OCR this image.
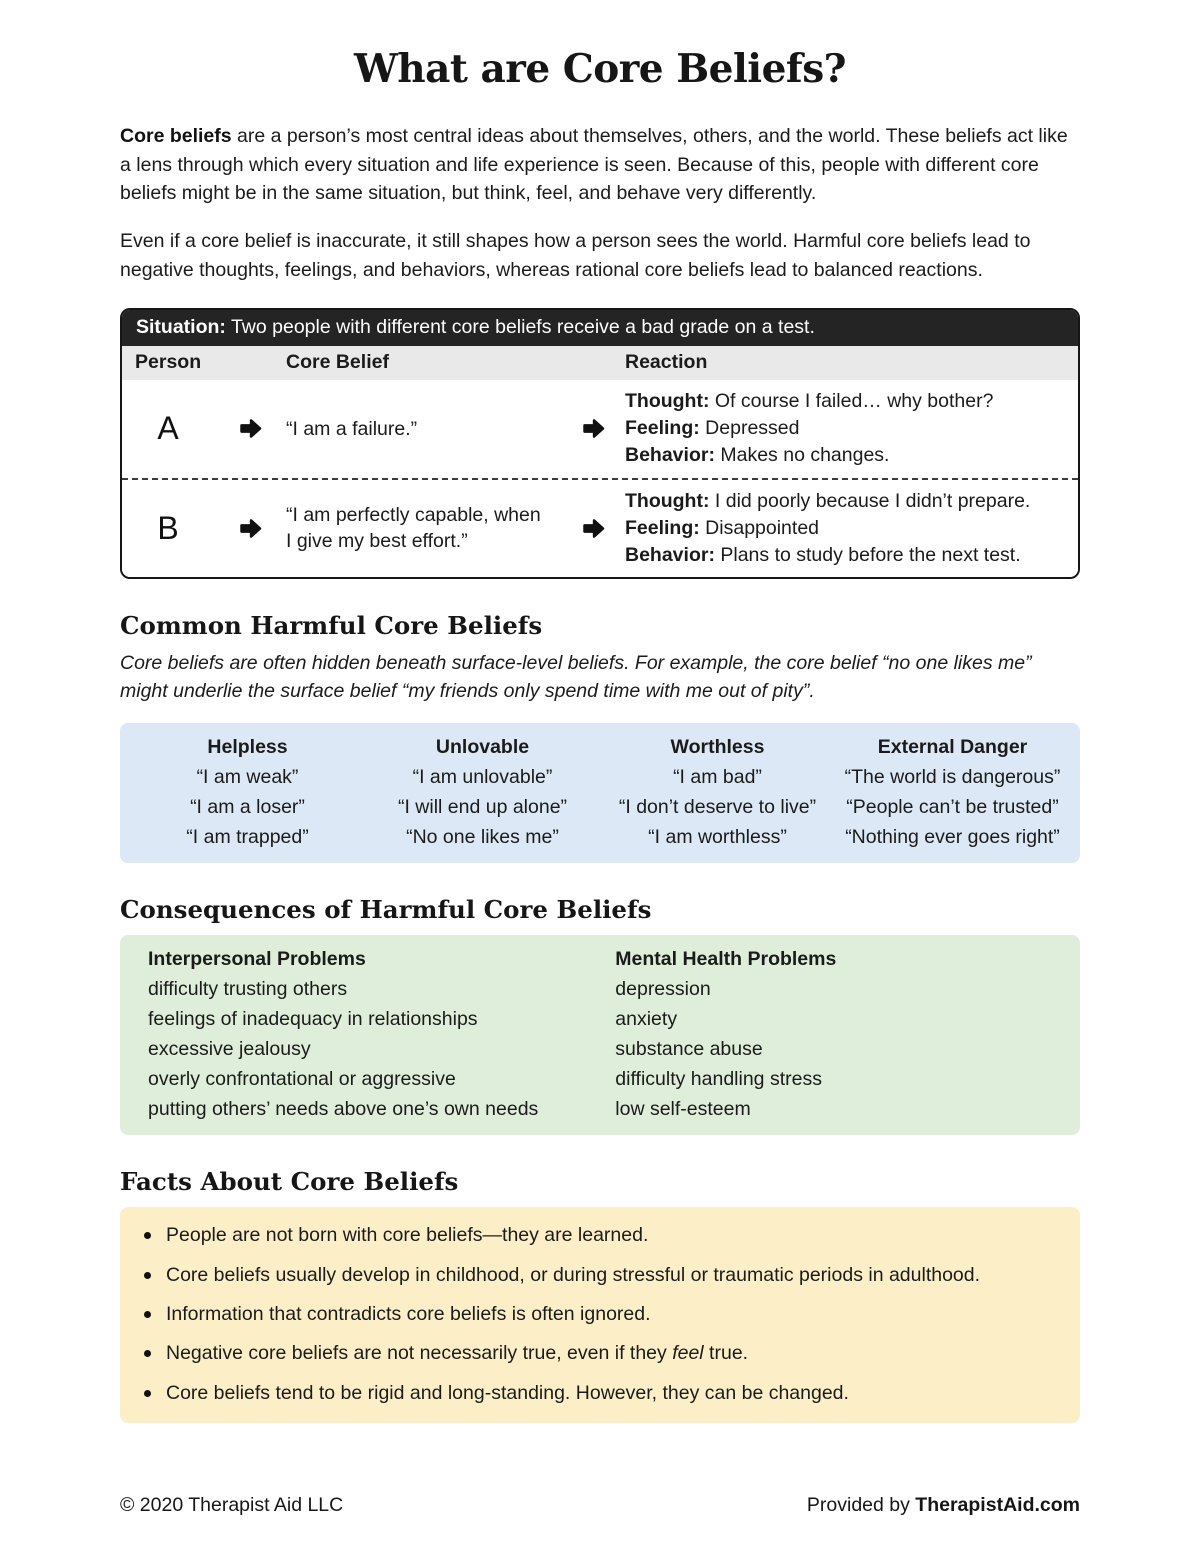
What are Core Beliefs?

Core beliefs are a person’s most central ideas about themselves, others, and the world. These beliefs act like a lens through which every situation and life experience is seen. Because of this, people with different core beliefs might be in the same situation, but think, feel, and behave very differently.

Even if a core belief is inaccurate, it still shapes how a person sees the world. Harmful core beliefs lead to negative thoughts, feelings, and behaviors, whereas rational core beliefs lead to balanced reactions.

Situation: Two people with different core beliefs receive a bad grade on a test.
Person	Core Belief	Reaction
A	“I am a failure.”
Thought: Of course I failed… why bother?
Feeling: Depressed
Behavior: Makes no changes.
B	“I am perfectly capable, when I give my best effort.”
Thought: I did poorly because I didn’t prepare.
Feeling: Disappointed
Behavior: Plans to study before the next test.
Common Harmful Core Beliefs

Core beliefs are often hidden beneath surface-level beliefs. For example, the core belief “no one likes me” might underlie the surface belief “my friends only spend time with me out of pity”.

Helpless
“I am weak”
“I am a loser”
“I am trapped”
Unlovable
“I am unlovable”
“I will end up alone”
“No one likes me”
Worthless
“I am bad”
“I don’t deserve to live”
“I am worthless”
External Danger
“The world is dangerous”
“People can’t be trusted”
“Nothing ever goes right”
Consequences of Harmful Core Beliefs
Interpersonal Problems
difficulty trusting others
feelings of inadequacy in relationships
excessive jealousy
overly confrontational or aggressive
putting others’ needs above one’s own needs
Mental Health Problems
depression
anxiety
substance abuse
difficulty handling stress
low self-esteem
Facts About Core Beliefs
People are not born with core beliefs—they are learned.
Core beliefs usually develop in childhood, or during stressful or traumatic periods in adulthood.
Information that contradicts core beliefs is often ignored.
Negative core beliefs are not necessarily true, even if they feel true.
Core beliefs tend to be rigid and long-standing. However, they can be changed.
© 2020 Therapist Aid LLC	Provided by TherapistAid.com
